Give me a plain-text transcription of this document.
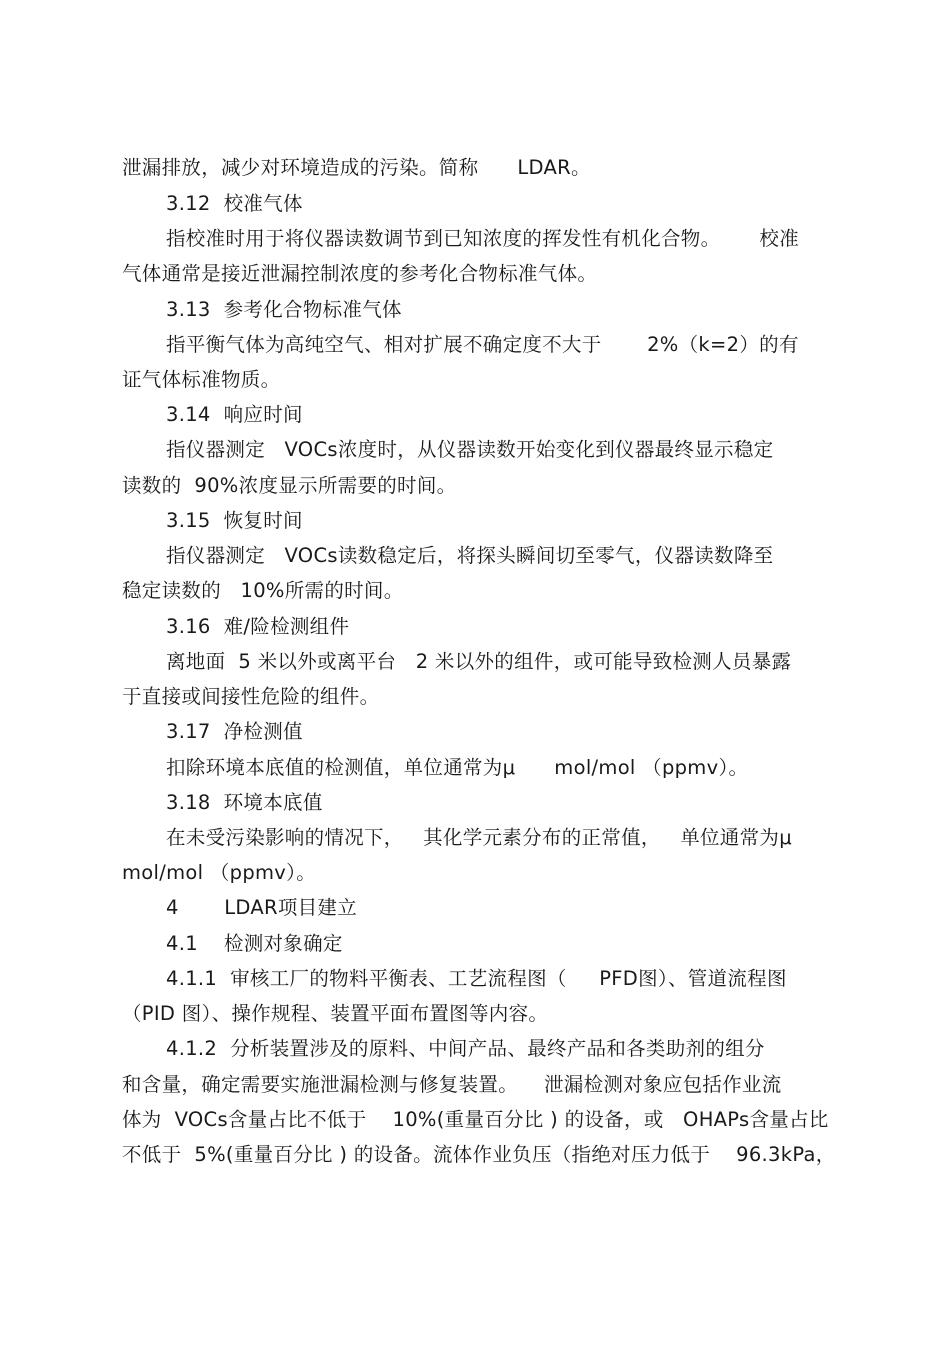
泄漏排放，减少对环境造成的污染。简称      LDAR。
3.12  校准气体
指校准时用于将仪器读数调节到已知浓度的挥发性有机化合物。      校准
气体通常是接近泄漏控制浓度的参考化合物标准气体。
3.13  参考化合物标准气体
指平衡气体为高纯空气、相对扩展不确定度不大于       2%（k=2）的有
证气体标准物质。
3.14  响应时间
指仪器测定   VOCs浓度时，从仪器读数开始变化到仪器最终显示稳定
读数的  90%浓度显示所需要的时间。
3.15  恢复时间
指仪器测定   VOCs读数稳定后，将探头瞬间切至零气，仪器读数降至
稳定读数的   10%所需的时间。
3.16  难/险检测组件
离地面  5 米以外或离平台   2 米以外的组件，或可能导致检测人员暴露
于直接或间接性危险的组件。
3.17  净检测值
扣除环境本底值的检测值，单位通常为μ      mol/mol （ppmv）。
3.18  环境本底值
在未受污染影响的情况下，   其化学元素分布的正常值，   单位通常为μ
mol/mol （ppmv）。
4       LDAR项目建立
4.1    检测对象确定
4.1.1  审核工厂的物料平衡表、工艺流程图（     PFD图）、管道流程图
（PID 图）、操作规程、装置平面布置图等内容。
4.1.2  分析装置涉及的原料、中间产品、最终产品和各类助剂的组分
和含量，确定需要实施泄漏检测与修复装置。    泄漏检测对象应包括作业流
体为  VOCs含量占比不低于    10%(重量百分比 ) 的设备，或   OHAPs含量占比
不低于  5%(重量百分比 ) 的设备。流体作业负压（指绝对压力低于    96.3kPa，
